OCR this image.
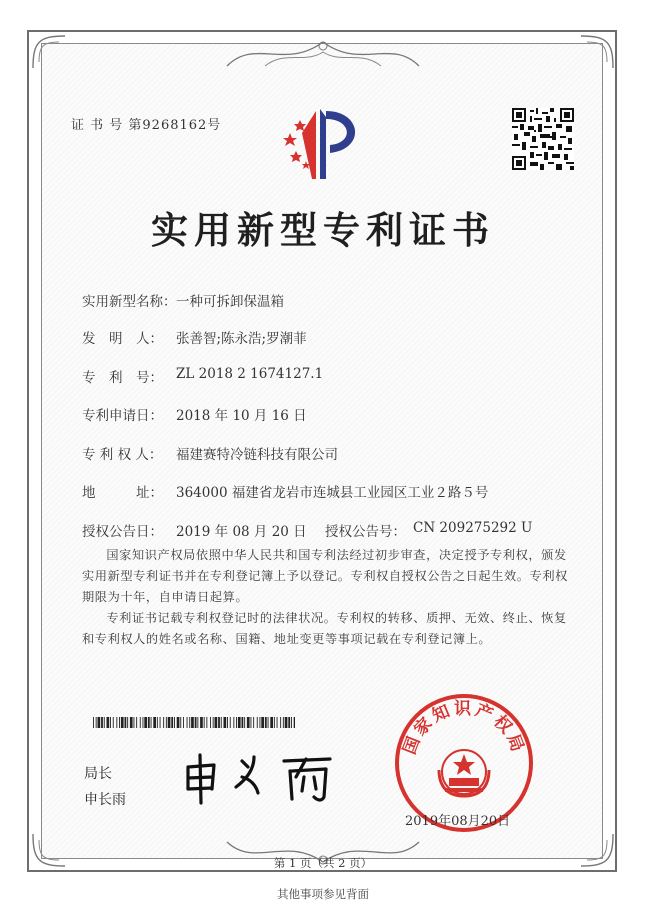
证 书 号 第9268162号
实用新型专利证书
实用新型名称： 一种可拆卸保温箱
发　明　人： 张善智;陈永浩;罗潮菲
专　利　号： ZL 2018 2 1674127.1
专利申请日： 2018 年 10 月 16 日
专 利 权 人： 福建赛特冷链科技有限公司
地　　　址： 364000 福建省龙岩市连城县工业园区工业２路５号
授权公告日： 2019 年 08 月 20 日 授权公告号： CN 209275292 U
国家知识产权局依照中华人民共和国专利法经过初步审查，决定授予专利权，颁发实用新型专利证书并在专利登记簿上予以登记。专利权自授权公告之日起生效。专利权期限为十年，自申请日起算。
专利证书记载专利权登记时的法律状况。专利权的转移、质押、无效、终止、恢复和专利权人的姓名或名称、国籍、地址变更等事项记载在专利登记簿上。
局长
申长雨
国家知识产权局
2019年08月20日
第 1 页（共 2 页）
其他事项参见背面
